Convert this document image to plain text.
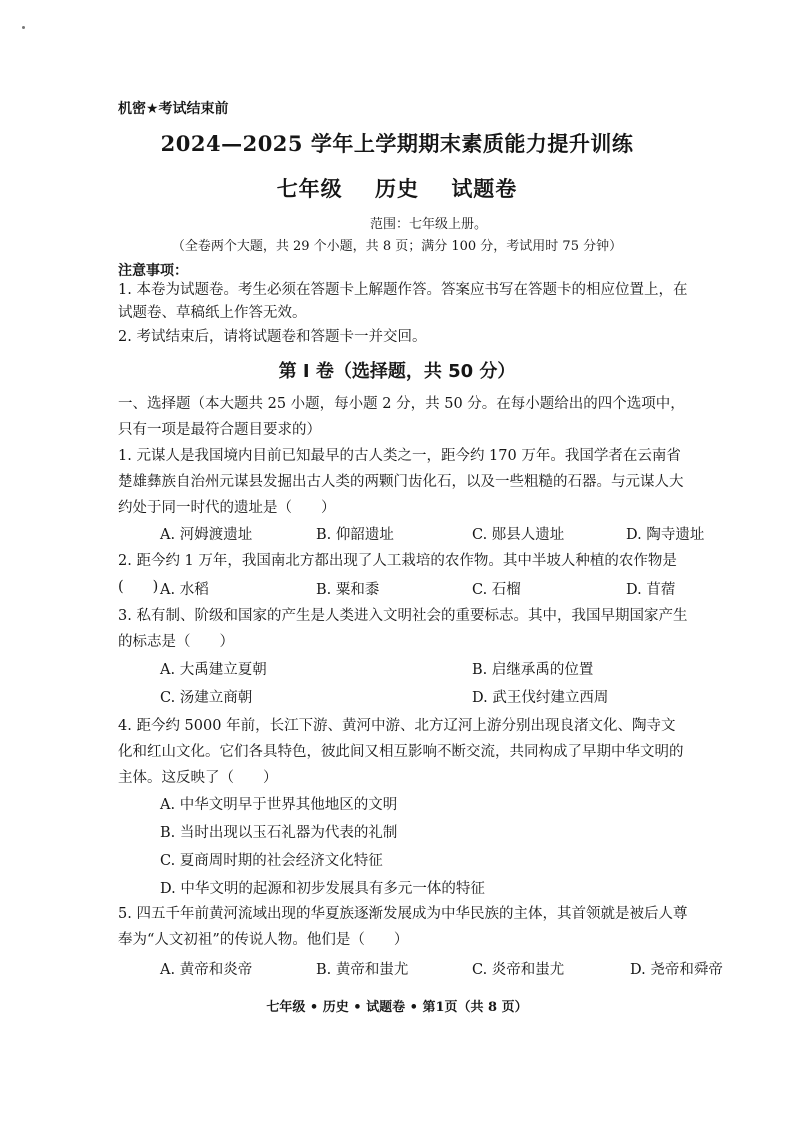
机密★考试结束前
2024—2025 学年上学期期末素质能力提升训练
七年级 历史 试题卷
范围：七年级上册。
（全卷两个大题，共 29 个小题，共 8 页；满分 100 分，考试用时 75 分钟）
注意事项：
1. 本卷为试题卷。考生必须在答题卡上解题作答。答案应书写在答题卡的相应位置上，在试题卷、草稿纸上作答无效。
2. 考试结束后，请将试题卷和答题卡一并交回。
第 I 卷（选择题，共 50 分）
一、选择题（本大题共 25 小题，每小题 2 分，共 50 分。在每小题给出的四个选项中，只有一项是最符合题目要求的）
1. 元谋人是我国境内目前已知最早的古人类之一，距今约 170 万年。我国学者在云南省楚雄彝族自治州元谋县发掘出古人类的两颗门齿化石，以及一些粗糙的石器。与元谋人大约处于同一时代的遗址是（　　）
A. 河姆渡遗址	B. 仰韶遗址	C. 郧县人遗址	D. 陶寺遗址
2. 距今约 1 万年，我国南北方都出现了人工栽培的农作物。其中半坡人种植的农作物是(　　) A. 水稻	B. 粟和黍	C. 石榴	D. 苜蓿
3. 私有制、阶级和国家的产生是人类进入文明社会的重要标志。其中，我国早期国家产生的标志是（　　）
A. 大禹建立夏朝	B. 启继承禹的位置
C. 汤建立商朝	D. 武王伐纣建立西周
4. 距今约 5000 年前，长江下游、黄河中游、北方辽河上游分别出现良渚文化、陶寺文化和红山文化。它们各具特色，彼此间又相互影响不断交流，共同构成了早期中华文明的主体。这反映了（　　）
A. 中华文明早于世界其他地区的文明
B. 当时出现以玉石礼器为代表的礼制
C. 夏商周时期的社会经济文化特征
D. 中华文明的起源和初步发展具有多元一体的特征
5. 四五千年前黄河流域出现的华夏族逐渐发展成为中华民族的主体，其首领就是被后人尊奉为“人文初祖”的传说人物。他们是（　　）
A. 黄帝和炎帝	B. 黄帝和蚩尤	C. 炎帝和蚩尤	D. 尧帝和舜帝
七年级 • 历史 • 试题卷 • 第1页（共 8 页）
